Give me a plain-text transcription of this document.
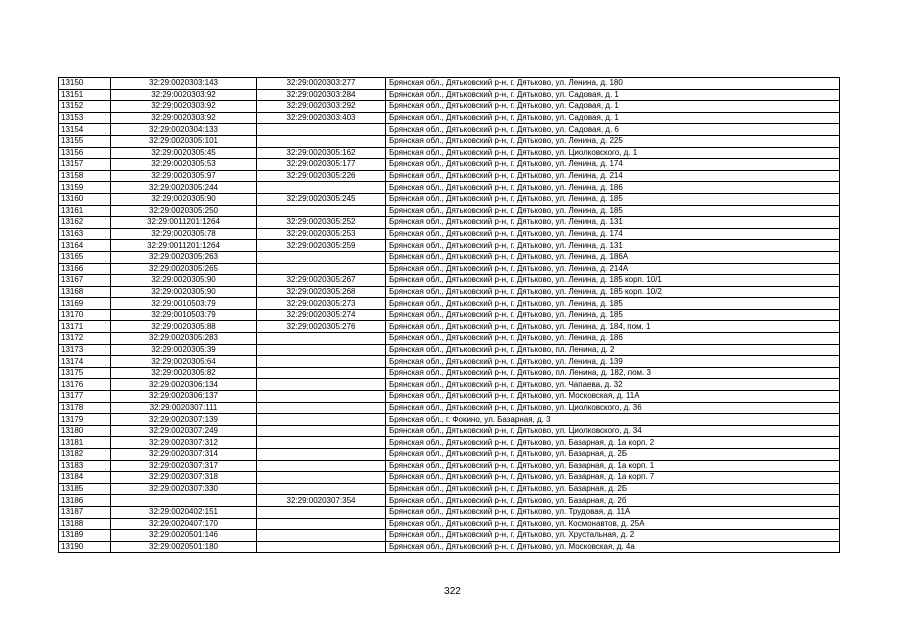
13150	32:29:0020303:143	32:29:0020303:277	Брянская обл., Дятьковский р-н, г. Дятьково, ул. Ленина, д. 180
13151	32:29:0020303:92	32:29:0020303:284	Брянская обл., Дятьковский р-н, г. Дятьково, ул. Садовая, д. 1
13152	32:29:0020303:92	32:29:0020303:292	Брянская обл., Дятьковский р-н, г. Дятьково, ул. Садовая, д. 1
13153	32:29:0020303:92	32:29:0020303:403	Брянская обл., Дятьковский р-н, г. Дятьково, ул. Садовая, д. 1
13154	32:29:0020304:133		Брянская обл., Дятьковский р-н, г. Дятьково, ул. Садовая, д. 6
13155	32:29:0020305:101		Брянская обл., Дятьковский р-н, г. Дятьково, ул. Ленина, д. 225
13156	32:29:0020305:45	32:29:0020305:162	Брянская обл., Дятьковский р-н, г. Дятьково, ул. Циолковского, д. 1
13157	32:29:0020305:53	32:29:0020305:177	Брянская обл., Дятьковский р-н, г. Дятьково, ул. Ленина, д. 174
13158	32:29:0020305:97	32:29:0020305:226	Брянская обл., Дятьковский р-н, г. Дятьково, ул. Ленина, д. 214
13159	32:29:0020305:244		Брянская обл., Дятьковский р-н, г. Дятьково, ул. Ленина, д. 186
13160	32:29:0020305:90	32:29:0020305:245	Брянская обл., Дятьковский р-н, г. Дятьково, ул. Ленина, д. 185
13161	32:29:0020305:250		Брянская обл., Дятьковский р-н, г. Дятьково, ул. Ленина, д. 185
13162	32:29:0011201:1264	32:29:0020305:252	Брянская обл., Дятьковский р-н, г. Дятьково, ул. Ленина, д. 131
13163	32:29:0020305:78	32:29:0020305:253	Брянская обл., Дятьковский р-н, г. Дятьково, ул. Ленина, д. 174
13164	32:29:0011201:1264	32:29:0020305:259	Брянская обл., Дятьковский р-н, г. Дятьково, ул. Ленина, д. 131
13165	32:29:0020305:263		Брянская обл., Дятьковский р-н, г. Дятьково, ул. Ленина, д. 186А
13166	32:29:0020305:265		Брянская обл., Дятьковский р-н, г. Дятьково, ул. Ленина, д. 214А
13167	32:29:0020305:90	32:29:0020305:267	Брянская обл., Дятьковский р-н, г. Дятьково, ул. Ленина, д. 185 корп. 10/1
13168	32:29:0020305:90	32:29:0020305:268	Брянская обл., Дятьковский р-н, г. Дятьково, ул. Ленина, д. 185 корп. 10/2
13169	32:29:0010503:79	32:29:0020305:273	Брянская обл., Дятьковский р-н, г. Дятьково, ул. Ленина, д. 185
13170	32:29:0010503:79	32:29:0020305:274	Брянская обл., Дятьковский р-н, г. Дятьково, ул. Ленина, д. 185
13171	32:29:0020305:88	32:29:0020305:276	Брянская обл., Дятьковский р-н, г. Дятьково, ул. Ленина, д. 184, пом. 1
13172	32:29:0020305:283		Брянская обл., Дятьковский р-н, г. Дятьково, ул. Ленина, д. 186
13173	32:29:0020305:39		Брянская обл., Дятьковский р-н, г. Дятьково, пл. Ленина, д. 2
13174	32:29:0020305:64		Брянская обл., Дятьковский р-н, г. Дятьково, ул. Ленина, д. 139
13175	32:29:0020305:82		Брянская обл., Дятьковский р-н, г. Дятьково, пл. Ленина, д. 182, пом. 3
13176	32:29:0020306:134		Брянская обл., Дятьковский р-н, г. Дятьково, ул. Чапаева, д. 32
13177	32:29:0020306:137		Брянская обл., Дятьковский р-н, г. Дятьково, ул. Московская, д. 11А
13178	32:29:0020307:111		Брянская обл., Дятьковский р-н, г. Дятьково, ул. Циолковского, д. 36
13179	32:29:0020307:139		Брянская обл., г. Фокино, ул. Базарная, д. 3
13180	32:29:0020307:249		Брянская обл., Дятьковский р-н, г. Дятьково, ул. Циолковского, д. 34
13181	32:29:0020307:312		Брянская обл., Дятьковский р-н, г. Дятьково, ул. Базарная, д. 1а корп. 2
13182	32:29:0020307:314		Брянская обл., Дятьковский р-н, г. Дятьково, ул. Базарная, д. 2Б
13183	32:29:0020307:317		Брянская обл., Дятьковский р-н, г. Дятьково, ул. Базарная, д. 1а корп. 1
13184	32:29:0020307:318		Брянская обл., Дятьковский р-н, г. Дятьково, ул. Базарная, д. 1а корп. 7
13185	32:29:0020307:330		Брянская обл., Дятьковский р-н, г. Дятьково, ул. Базарная, д. 2Б
13186		32:29:0020307:354	Брянская обл., Дятьковский р-н, г. Дятьково, ул. Базарная, д. 2б
13187	32:29:0020402:151		Брянская обл., Дятьковский р-н, г. Дятьково, ул. Трудовая, д. 11А
13188	32:29:0020407:170		Брянская обл., Дятьковский р-н, г. Дятьково, ул. Космонавтов, д. 25А
13189	32:29:0020501:146		Брянская обл., Дятьковский р-н, г. Дятьково, ул. Хрустальная, д. 2
13190	32:29:0020501:180		Брянская обл., Дятьковский р-н, г. Дятьково, ул. Московская, д. 4а
322
